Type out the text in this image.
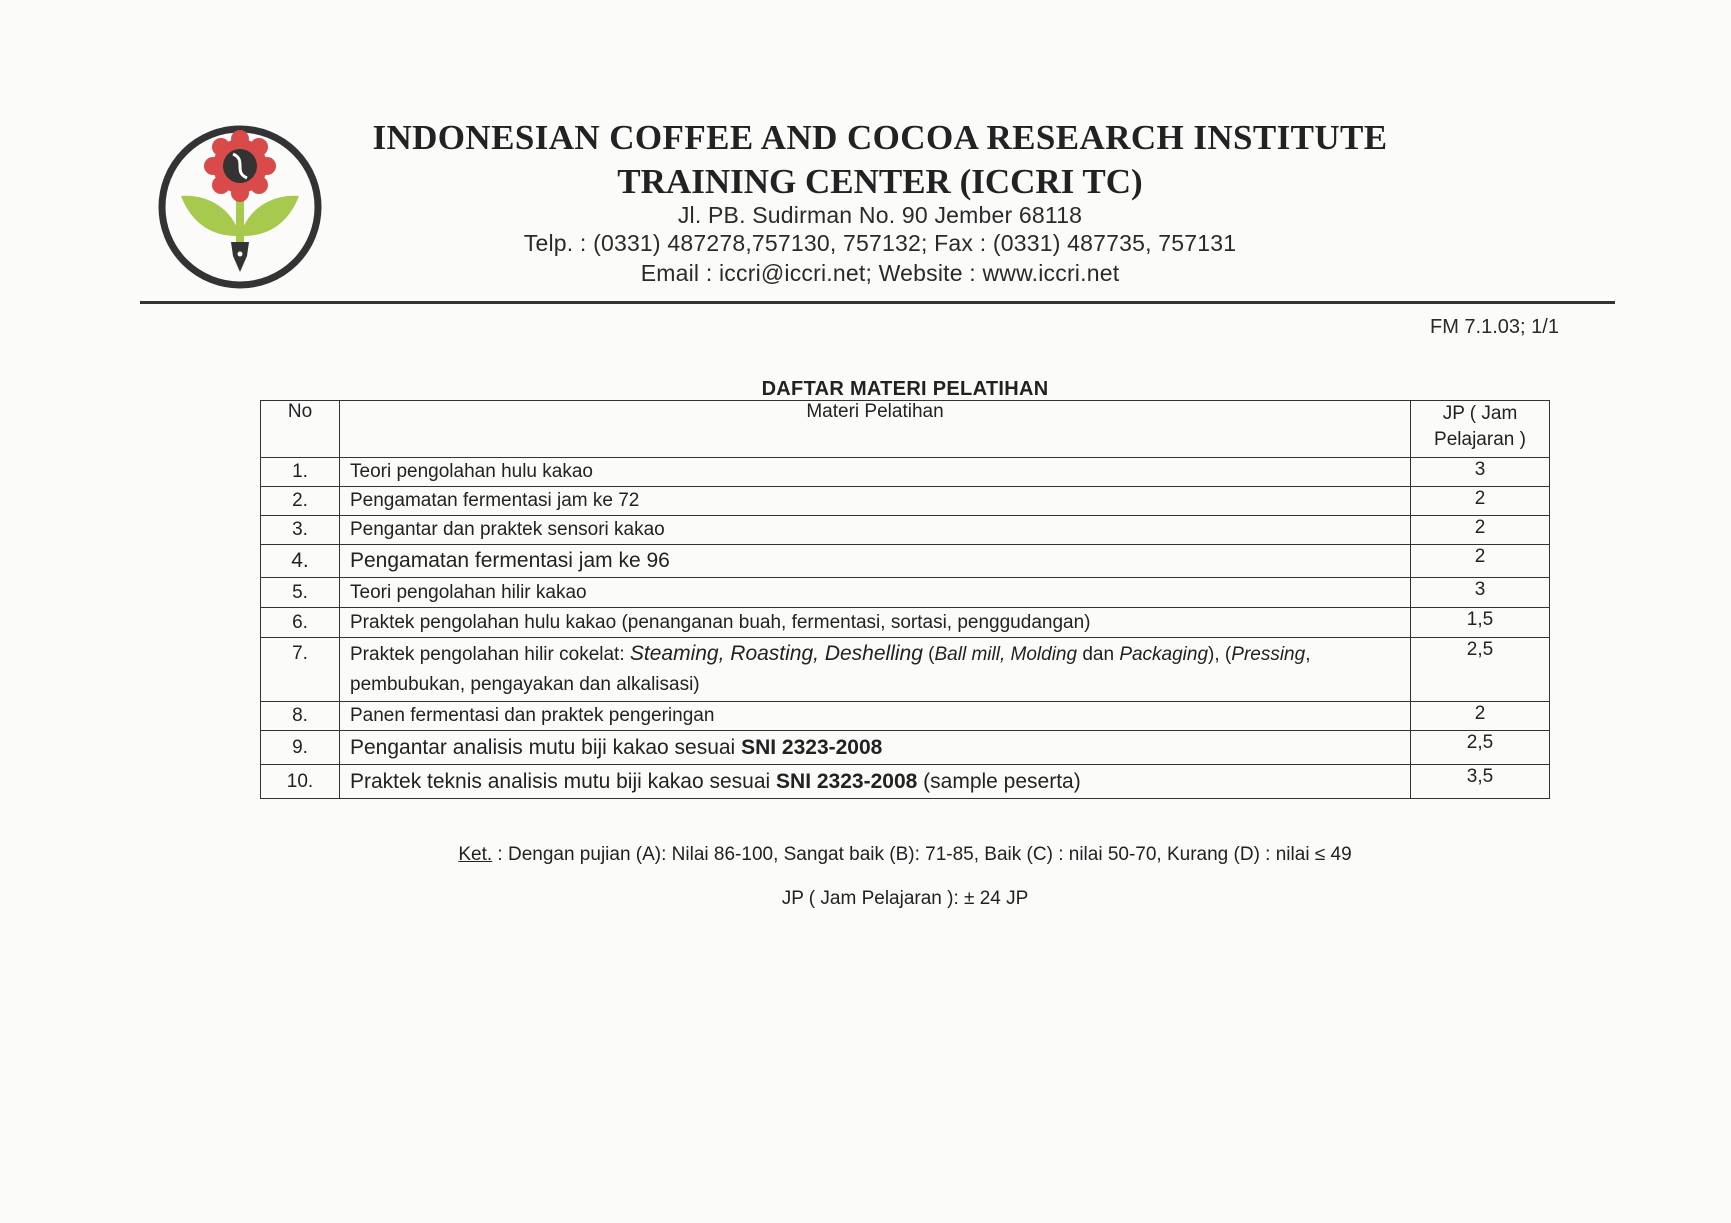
INDONESIAN COFFEE AND COCOA RESEARCH INSTITUTE
TRAINING CENTER (ICCRI TC)
Jl. PB. Sudirman No. 90 Jember 68118
Telp. : (0331) 487278,757130, 757132; Fax : (0331) 487735, 757131
Email : iccri@iccri.net; Website : www.iccri.net
FM 7.1.03; 1/1
DAFTAR MATERI PELATIHAN
No	Materi Pelatihan	JP ( Jam Pelajaran )
1.	Teori pengolahan hulu kakao	3
2.	Pengamatan fermentasi jam ke 72	2
3.	Pengantar dan praktek sensori kakao	2
4.	Pengamatan fermentasi jam ke 96	2
5.	Teori pengolahan hilir kakao	3
6.	Praktek pengolahan hulu kakao (penanganan buah, fermentasi, sortasi, penggudangan)	1,5
7.	Praktek pengolahan hilir cokelat: Steaming, Roasting, Deshelling (Ball mill, Molding dan Packaging), (Pressing, pembubukan, pengayakan dan alkalisasi)	2,5
8.	Panen fermentasi dan praktek pengeringan	2
9.	Pengantar analisis mutu biji kakao sesuai SNI 2323-2008	2,5
10.	Praktek teknis analisis mutu biji kakao sesuai SNI 2323-2008 (sample peserta)	3,5
Ket. : Dengan pujian (A): Nilai 86-100, Sangat baik (B): 71-85, Baik (C) : nilai 50-70, Kurang (D) : nilai ≤ 49
JP ( Jam Pelajaran ): ± 24 JP
